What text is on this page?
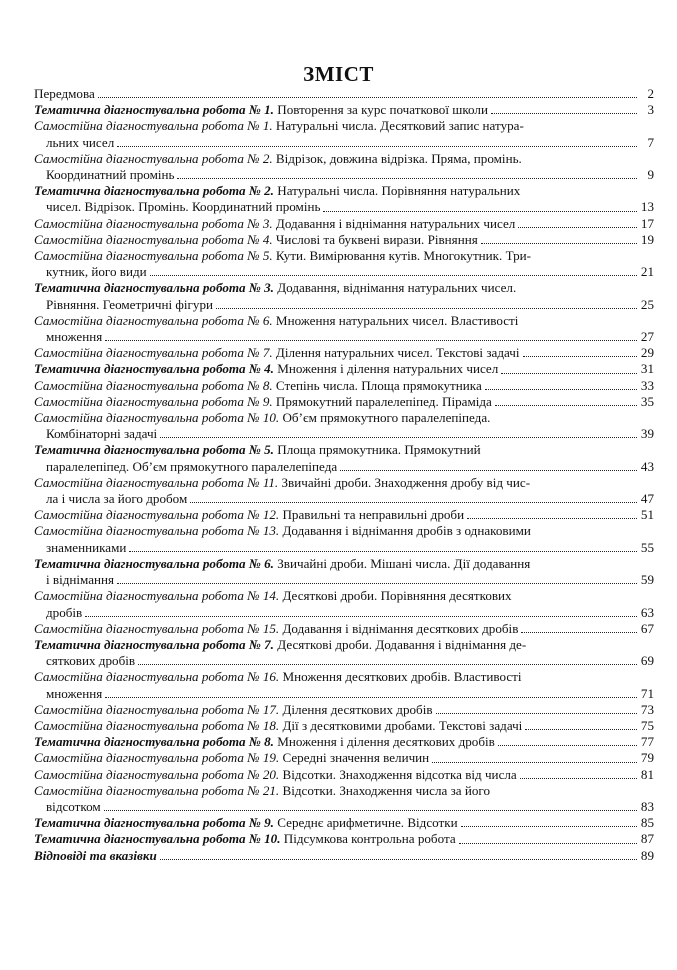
ЗМІСТ
Передмова	2
Тематична діагностувальна робота № 1. Повторення за курс початкової школи	3
Самостійна діагностувальна робота № 1. Натуральні числа. Десятковий запис натура-
льних чисел	7
Самостійна діагностувальна робота № 2. Відрізок, довжина відрізка. Пряма, промінь.
Координатний промінь	9
Тематична діагностувальна робота № 2. Натуральні числа. Порівняння натуральних
чисел. Відрізок. Промінь. Координатний промінь	13
Самостійна діагностувальна робота № 3. Додавання і віднімання натуральних чисел	17
Самостійна діагностувальна робота № 4. Числові та буквені вирази. Рівняння	19
Самостійна діагностувальна робота № 5. Кути. Вимірювання кутів. Многокутник. Три-
кутник, його види	21
Тематична діагностувальна робота № 3. Додавання, віднімання натуральних чисел.
Рівняння. Геометричні фігури	25
Самостійна діагностувальна робота № 6. Множення натуральних чисел. Властивості
множення	27
Самостійна діагностувальна робота № 7. Ділення натуральних чисел. Текстові задачі	29
Тематична діагностувальна робота № 4. Множення і ділення натуральних чисел	31
Самостійна діагностувальна робота № 8. Степінь числа. Площа прямокутника	33
Самостійна діагностувальна робота № 9. Прямокутний паралелепіпед. Піраміда	35
Самостійна діагностувальна робота № 10. Об’єм прямокутного паралелепіпеда.
Комбінаторні задачі	39
Тематична діагностувальна робота № 5. Площа прямокутника. Прямокутний
паралелепіпед. Об’єм прямокутного паралелепіпеда	43
Самостійна діагностувальна робота № 11. Звичайні дроби. Знаходження дробу від чис-
ла і числа за його дробом	47
Самостійна діагностувальна робота № 12. Правильні та неправильні дроби	51
Самостійна діагностувальна робота № 13. Додавання і віднімання дробів з однаковими
знаменниками	55
Тематична діагностувальна робота № 6. Звичайні дроби. Мішані числа. Дії додавання
і віднімання	59
Самостійна діагностувальна робота № 14. Десяткові дроби. Порівняння десяткових
дробів	63
Самостійна діагностувальна робота № 15. Додавання і віднімання десяткових дробів	67
Тематична діагностувальна робота № 7. Десяткові дроби. Додавання і віднімання де-
сяткових дробів	69
Самостійна діагностувальна робота № 16. Множення десяткових дробів. Властивості
множення	71
Самостійна діагностувальна робота № 17. Ділення десяткових дробів	73
Самостійна діагностувальна робота № 18. Дії з десятковими дробами. Текстові задачі	75
Тематична діагностувальна робота № 8. Множення і ділення десяткових дробів	77
Самостійна діагностувальна робота № 19. Середні значення величин	79
Самостійна діагностувальна робота № 20. Відсотки. Знаходження відсотка від числа	81
Самостійна діагностувальна робота № 21. Відсотки. Знаходження числа за його
відсотком	83
Тематична діагностувальна робота № 9. Середнє арифметичне. Відсотки	85
Тематична діагностувальна робота № 10. Підсумкова контрольна робота	87
Відповіді та вказівки	89
